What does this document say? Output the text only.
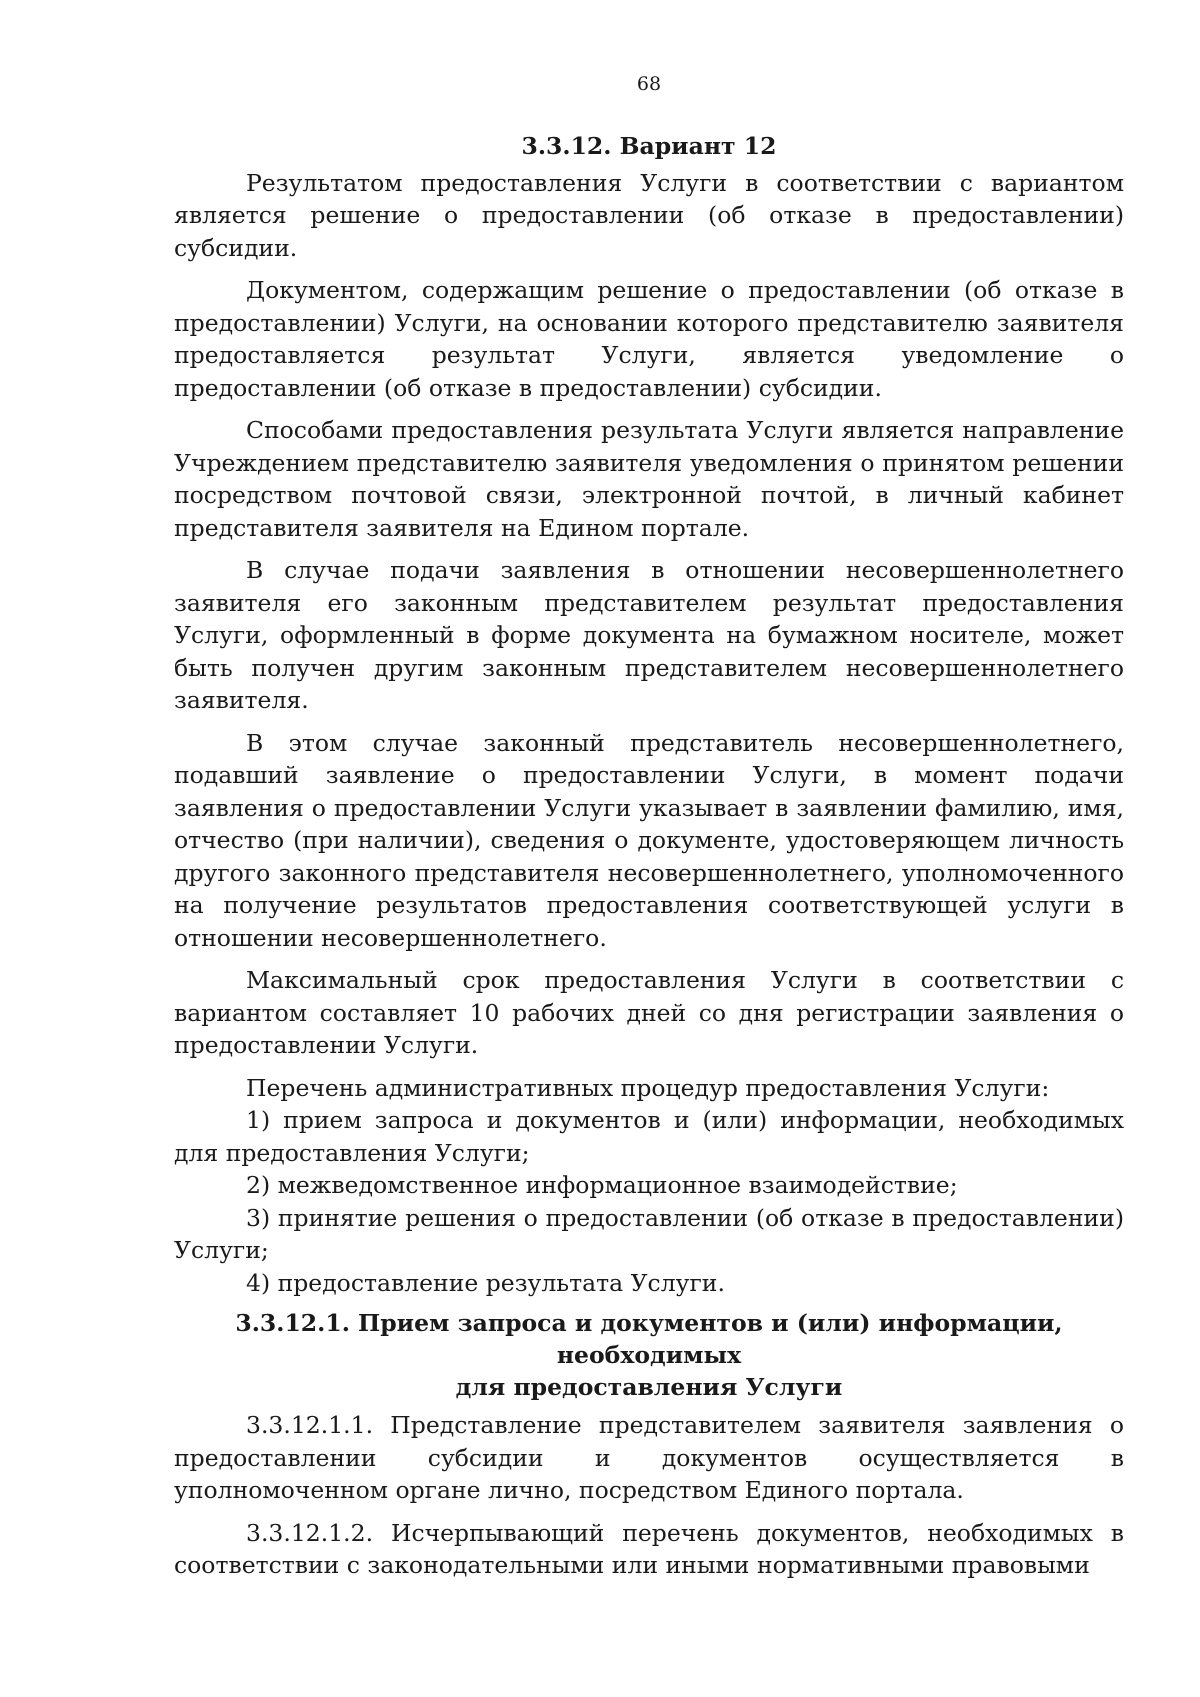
68
3.3.12. Вариант 12

Результатом предоставления Услуги в соответствии с вариантом является решение о предоставлении (об отказе в предоставлении) субсидии.

Документом, содержащим решение о предоставлении (об отказе в предоставлении) Услуги, на основании которого представителю заявителя предоставляется результат Услуги, является уведомление о предоставлении (об отказе в предоставлении) субсидии.

Способами предоставления результата Услуги является направление Учреждением представителю заявителя уведомления о принятом решении посредством почтовой связи, электронной почтой, в личный кабинет представителя заявителя на Едином портале.

В случае подачи заявления в отношении несовершеннолетнего заявителя его законным представителем результат предоставления Услуги, оформленный в форме документа на бумажном носителе, может быть получен другим законным представителем несовершеннолетнего заявителя.

В этом случае законный представитель несовершеннолетнего, подавший заявление о предоставлении Услуги, в момент подачи заявления о предоставлении Услуги указывает в заявлении фамилию, имя, отчество (при наличии), сведения о документе, удостоверяющем личность другого законного представителя несовершеннолетнего, уполномоченного на получение результатов предоставления соответствующей услуги в отношении несовершеннолетнего.

Максимальный срок предоставления Услуги в соответствии с вариантом составляет 10 рабочих дней со дня регистрации заявления о предоставлении Услуги.

Перечень административных процедур предоставления Услуги:

1) прием запроса и документов и (или) информации, необходимых для предоставления Услуги;

2) межведомственное информационное взаимодействие;

3) принятие решения о предоставлении (об отказе в предоставлении) Услуги;

4) предоставление результата Услуги.

3.3.12.1. Прием запроса и документов и (или) информации, необходимых
для предоставления Услуги

3.3.12.1.1. Представление представителем заявителя заявления о предоставлении субсидии и документов осуществляется в уполномоченном органе лично, посредством Единого портала.

3.3.12.1.2. Исчерпывающий перечень документов, необходимых в соответствии с законодательными или иными нормативными правовыми
